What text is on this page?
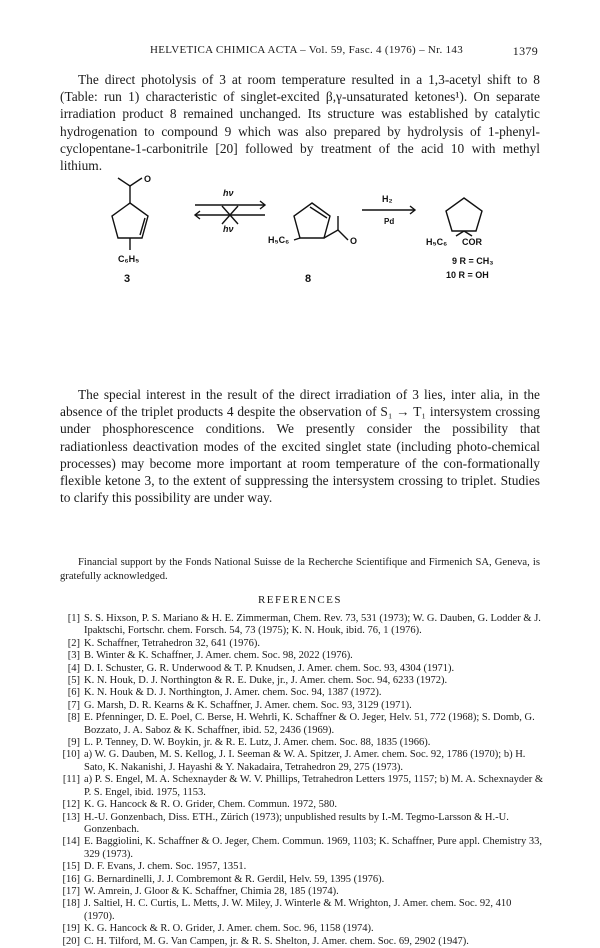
HELVETICA CHIMICA ACTA – Vol. 59, Fasc. 4 (1976) – Nr. 143	1379
The direct photolysis of 3 at room temperature resulted in a 1,3-acetyl shift to 8 (Table: run 1) characteristic of singlet-excited β,γ-unsaturated ketones¹). On separate irradiation product 8 remained unchanged. Its structure was established by catalytic hydrogenation to compound 9 which was also prepared by hydrolysis of 1-phenyl-cyclopentane-1-carbonitrile [20] followed by treatment of the acid 10 with methyl lithium.
O
C₆H₅
3
hν
hν
H₅C₆	O
8
H₂
Pd
H₅C₆ COR
9 R = CH₃
10 R = OH
The special interest in the result of the direct irradiation of 3 lies, inter alia, in the absence of the triplet products 4 despite the observation of S₁ → T₁ intersystem crossing under phosphorescence conditions. We presently consider the possibility that radiationless deactivation modes of the excited singlet state (including photo-chemical processes) may become more important at room temperature of the con-formationally flexible ketone 3, to the extent of suppressing the intersystem crossing to triplet. Studies to clarify this possibility are under way.
Financial support by the Fonds National Suisse de la Recherche Scientifique and Firmenich SA, Geneva, is gratefully acknowledged.
REFERENCES
[1] S. S. Hixson, P. S. Mariano & H. E. Zimmerman, Chem. Rev. 73, 531 (1973); W. G. Dauben, G. Lodder & J. Ipaktschi, Fortschr. chem. Forsch. 54, 73 (1975); K. N. Houk, ibid. 76, 1 (1976).
[2] K. Schaffner, Tetrahedron 32, 641 (1976).
[3] B. Winter & K. Schaffner, J. Amer. chem. Soc. 98, 2022 (1976).
[4] D. I. Schuster, G. R. Underwood & T. P. Knudsen, J. Amer. chem. Soc. 93, 4304 (1971).
[5] K. N. Houk, D. J. Northington & R. E. Duke, jr., J. Amer. chem. Soc. 94, 6233 (1972).
[6] K. N. Houk & D. J. Northington, J. Amer. chem. Soc. 94, 1387 (1972).
[7] G. Marsh, D. R. Kearns & K. Schaffner, J. Amer. chem. Soc. 93, 3129 (1971).
[8] E. Pfenninger, D. E. Poel, C. Berse, H. Wehrli, K. Schaffner & O. Jeger, Helv. 51, 772 (1968); S. Domb, G. Bozzato, J. A. Saboz & K. Schaffner, ibid. 52, 2436 (1969).
[9] L. P. Tenney, D. W. Boykin, jr. & R. E. Lutz, J. Amer. chem. Soc. 88, 1835 (1966).
[10] a) W. G. Dauben, M. S. Kellog, J. I. Seeman & W. A. Spitzer, J. Amer. chem. Soc. 92, 1786 (1970); b) H. Sato, K. Nakanishi, J. Hayashi & Y. Nakadaira, Tetrahedron 29, 275 (1973).
[11] a) P. S. Engel, M. A. Schexnayder & W. V. Phillips, Tetrahedron Letters 1975, 1157; b) M. A. Schexnayder & P. S. Engel, ibid. 1975, 1153.
[12] K. G. Hancock & R. O. Grider, Chem. Commun. 1972, 580.
[13] H.-U. Gonzenbach, Diss. ETH., Zürich (1973); unpublished results by I.-M. Tegmo-Larsson & H.-U. Gonzenbach.
[14] E. Baggiolini, K. Schaffner & O. Jeger, Chem. Commun. 1969, 1103; K. Schaffner, Pure appl. Chemistry 33, 329 (1973).
[15] D. F. Evans, J. chem. Soc. 1957, 1351.
[16] G. Bernardinelli, J. J. Combremont & R. Gerdil, Helv. 59, 1395 (1976).
[17] W. Amrein, J. Gloor & K. Schaffner, Chimia 28, 185 (1974).
[18] J. Saltiel, H. C. Curtis, L. Metts, J. W. Miley, J. Winterle & M. Wrighton, J. Amer. chem. Soc. 92, 410 (1970).
[19] K. G. Hancock & R. O. Grider, J. Amer. chem. Soc. 96, 1158 (1974).
[20] C. H. Tilford, M. G. Van Campen, jr. & R. S. Shelton, J. Amer. chem. Soc. 69, 2902 (1947).
